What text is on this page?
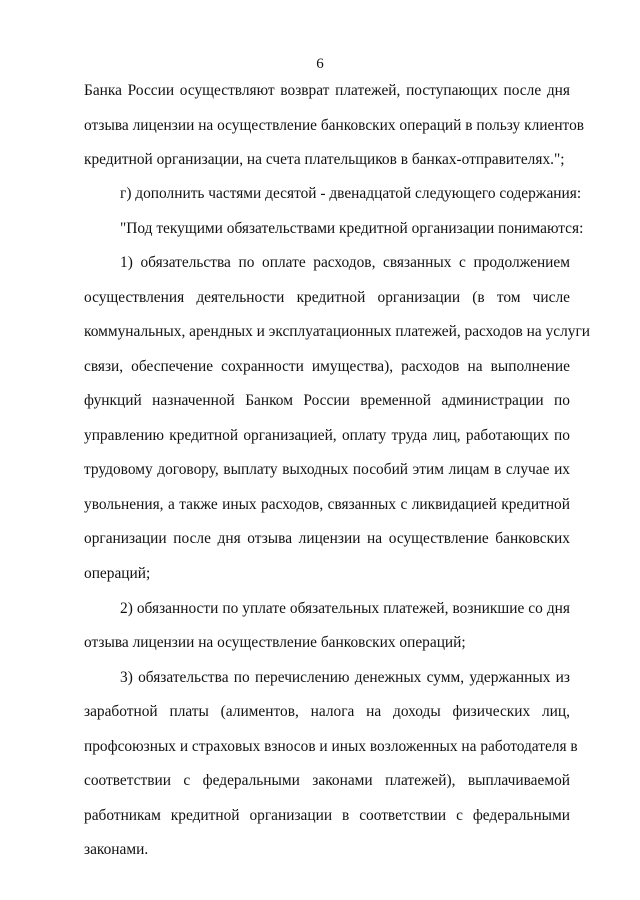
6
Банка России осуществляют возврат платежей, поступающих после дня
отзыва лицензии на осуществление банковских операций в пользу клиентов
кредитной организации, на счета плательщиков в банках-отправителях.";
г) дополнить частями десятой - двенадцатой следующего содержания:
"Под текущими обязательствами кредитной организации понимаются:
1) обязательства по оплате расходов, связанных с продолжением
осуществления деятельности кредитной организации (в том числе
коммунальных, арендных и эксплуатационных платежей, расходов на услуги
связи, обеспечение сохранности имущества), расходов на выполнение
функций назначенной Банком России временной администрации по
управлению кредитной организацией, оплату труда лиц, работающих по
трудовому договору, выплату выходных пособий этим лицам в случае их
увольнения, а также иных расходов, связанных с ликвидацией кредитной
организации после дня отзыва лицензии на осуществление банковских
операций;
2) обязанности по уплате обязательных платежей, возникшие со дня
отзыва лицензии на осуществление банковских операций;
3) обязательства по перечислению денежных сумм, удержанных из
заработной платы (алиментов, налога на доходы физических лиц,
профсоюзных и страховых взносов и иных возложенных на работодателя в
соответствии с федеральными законами платежей), выплачиваемой
работникам кредитной организации в соответствии с федеральными
законами.
